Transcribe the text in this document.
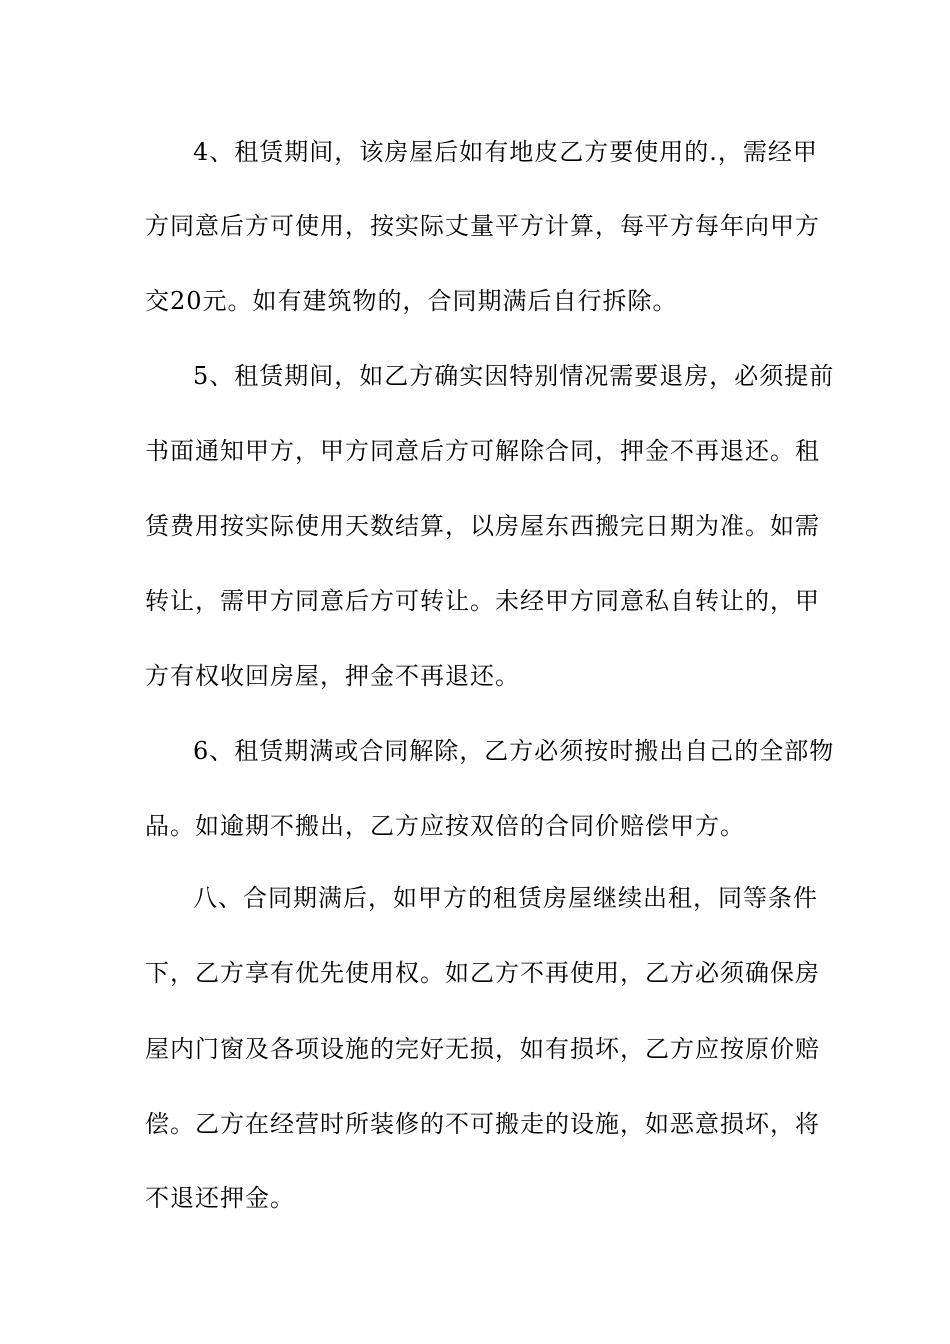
4、租赁期间，该房屋后如有地皮乙方要使用的.，需经甲
方同意后方可使用，按实际丈量平方计算，每平方每年向甲方
交20元。如有建筑物的，合同期满后自行拆除。
5、租赁期间，如乙方确实因特别情况需要退房，必须提前
书面通知甲方，甲方同意后方可解除合同，押金不再退还。租
赁费用按实际使用天数结算，以房屋东西搬完日期为准。如需
转让，需甲方同意后方可转让。未经甲方同意私自转让的，甲
方有权收回房屋，押金不再退还。
6、租赁期满或合同解除，乙方必须按时搬出自己的全部物
品。如逾期不搬出，乙方应按双倍的合同价赔偿甲方。
八、合同期满后，如甲方的租赁房屋继续出租，同等条件
下，乙方享有优先使用权。如乙方不再使用，乙方必须确保房
屋内门窗及各项设施的完好无损，如有损坏，乙方应按原价赔
偿。乙方在经营时所装修的不可搬走的设施，如恶意损坏，将
不退还押金。
